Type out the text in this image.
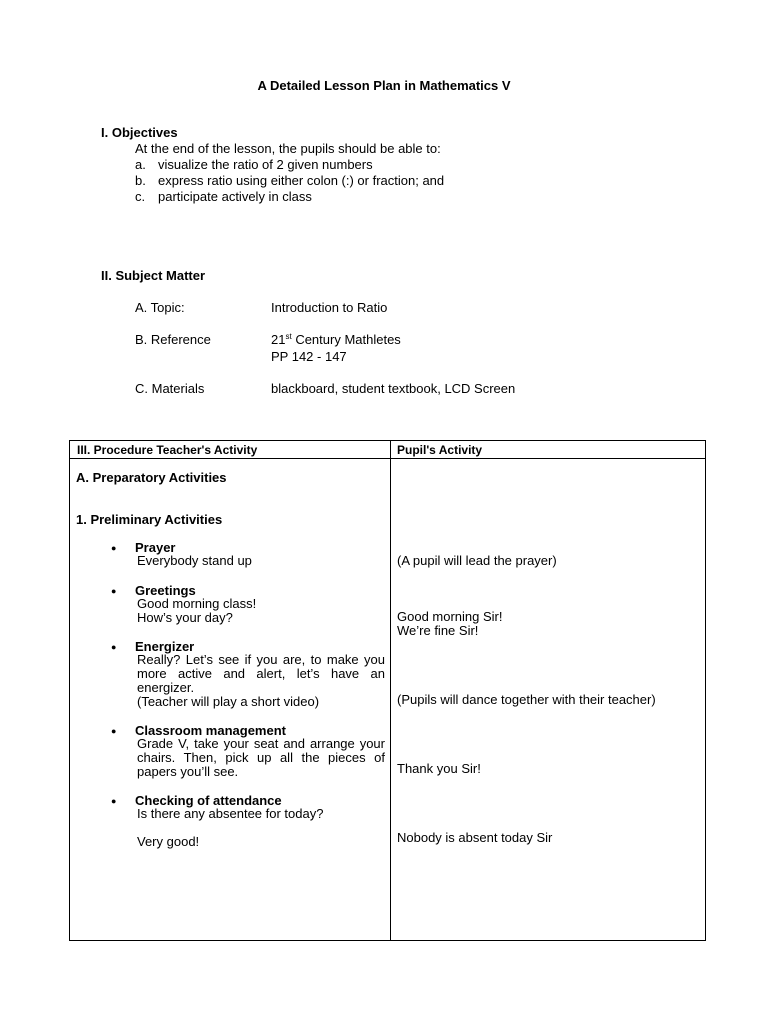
A Detailed Lesson Plan in Mathematics V
I. Objectives
At the end of the lesson, the pupils should be able to:
a. visualize the ratio of 2 given numbers
b. express ratio using either colon (:) or fraction; and
c. participate actively in class
II. Subject Matter
A. Topic:	Introduction to Ratio
B. Reference	21st Century Mathletes
PP 142 - 147
C. Materials	blackboard, student textbook, LCD Screen
III. Procedure Teacher's Activity	Pupil's Activity
A. Preparatory Activities
1. Preliminary Activities
● Prayer
Everybody stand up	(A pupil will lead the prayer)
● Greetings
Good morning class!
How’s your day?	Good morning Sir!
We’re fine Sir!
● Energizer
Really? Let’s see if you are, to make you more active and alert, let’s have an energizer.
(Teacher will play a short video)	(Pupils will dance together with their teacher)
● Classroom management
Grade V, take your seat and arrange your chairs. Then, pick up all the pieces of papers you’ll see.	Thank you Sir!
● Checking of attendance
Is there any absentee for today?
Very good!	Nobody is absent today Sir
